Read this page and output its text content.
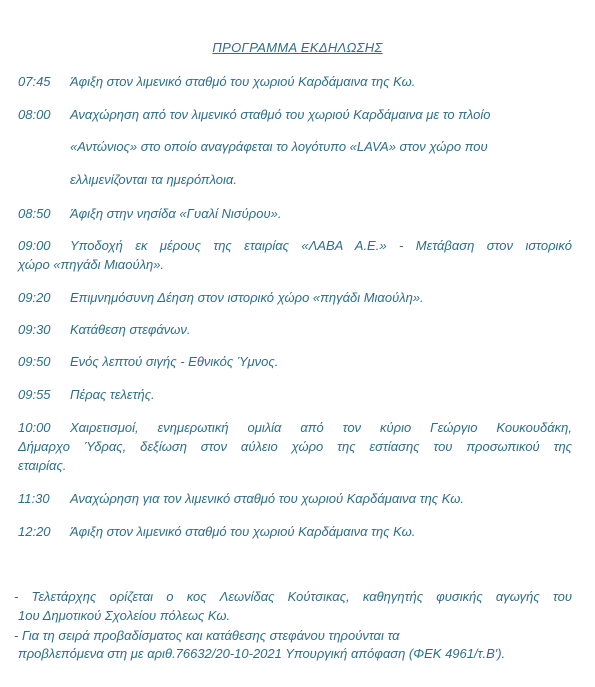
ΠΡΟΓΡΑΜΜΑ ΕΚΔΗΛΩΣΗΣ
07:45 Άφιξη στον λιμενικό σταθμό του χωριού Καρδάμαινα της Κω.
08:00 Αναχώρηση από τον λιμενικό σταθμό του χωριού Καρδάμαινα με το πλοίο
«Αντώνιος» στο οποίο αναγράφεται το λογότυπο «LAVA» στον χώρο που
ελλιμενίζονται τα ημερόπλοια.
08:50 Άφιξη στην νησίδα «Γυαλί Νισύρου».
09:00 Υποδοχή εκ μέρους της εταιρίας «ΛΑΒΑ Α.Ε.» - Μετάβαση στον ιστορικό
χώρο «πηγάδι Μιαούλη».
09:20 Επιμνημόσυνη Δέηση στον ιστορικό χώρο «πηγάδι Μιαούλη».
09:30 Κατάθεση στεφάνων.
09:50 Ενός λεπτού σιγής - Εθνικός Ύμνος.
09:55 Πέρας τελετής.
10:00 Χαιρετισμοί, ενημερωτική ομιλία από τον κύριο Γεώργιο Κουκουδάκη,
Δήμαρχο Ύδρας, δεξίωση στον αύλειο χώρο της εστίασης του προσωπικού της
εταιρίας.
11:30 Αναχώρηση για τον λιμενικό σταθμό του χωριού Καρδάμαινα της Κω.
12:20 Άφιξη στον λιμενικό σταθμό του χωριού Καρδάμαινα της Κω.
- Τελετάρχης ορίζεται ο κος Λεωνίδας Κούτσικας, καθηγητής φυσικής αγωγής του
1ου Δημοτικού Σχολείου πόλεως Κω.
- Για τη σειρά προβαδίσματος και κατάθεσης στεφάνου τηρούνται τα
προβλεπόμενα στη με αριθ.76632/20-10-2021 Υπουργική απόφαση (ΦΕΚ 4961/τ.Β').
